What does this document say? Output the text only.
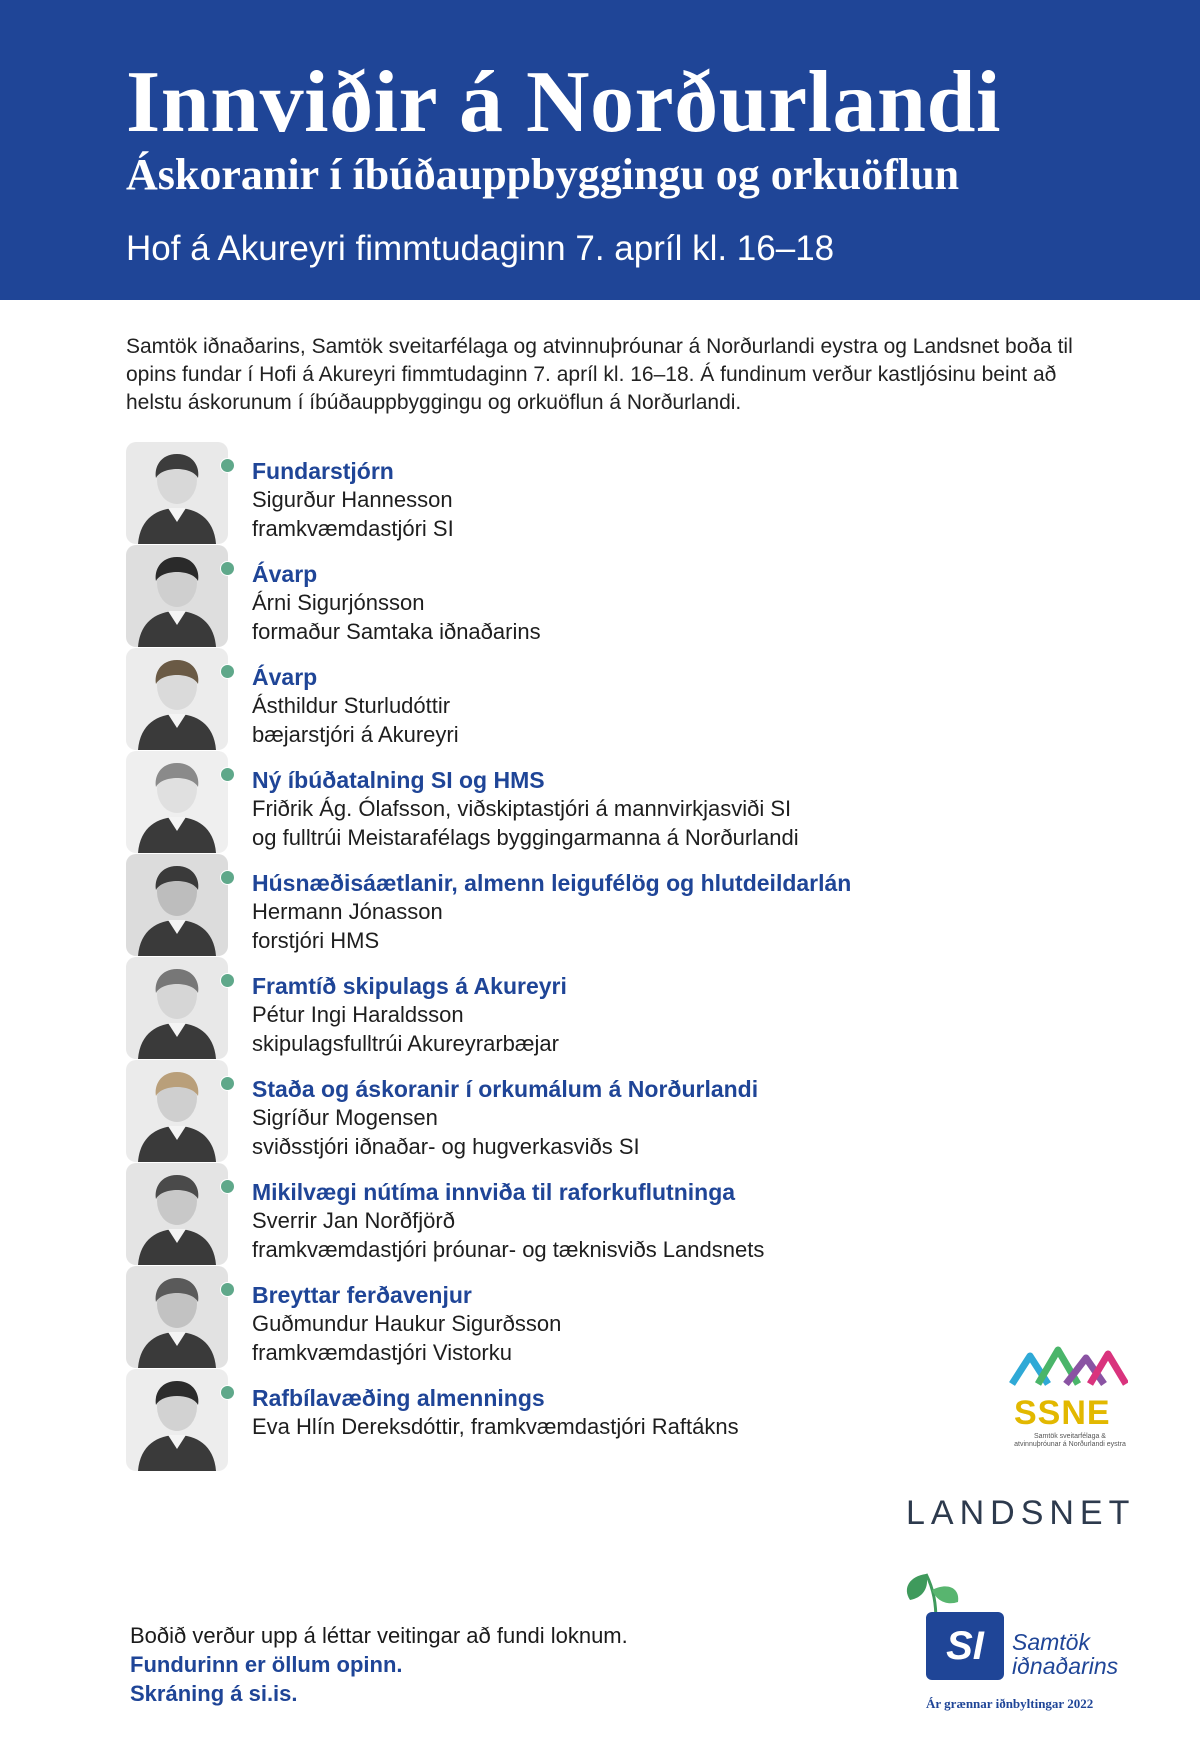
Innviðir á Norðurlandi
Áskoranir í íbúðauppbyggingu og orkuöflun
Hof á Akureyri fimmtudaginn 7. apríl kl. 16–18
Samtök iðnaðarins, Samtök sveitarfélaga og atvinnuþróunar á Norðurlandi eystra og Landsnet boða til opins fundar í Hofi á Akureyri fimmtudaginn 7. apríl kl. 16–18. Á fundinum verður kastljósinu beint að helstu áskorunum í íbúðauppbyggingu og orkuöflun á Norðurlandi.
Fundarstjórn
Sigurður Hannesson
framkvæmdastjóri SI
Ávarp
Árni Sigurjónsson
formaður Samtaka iðnaðarins
Ávarp
Ásthildur Sturludóttir
bæjarstjóri á Akureyri
Ný íbúðatalning SI og HMS
Friðrik Ág. Ólafsson, viðskiptastjóri á mannvirkjasviði SI
og fulltrúi Meistarafélags byggingarmanna á Norðurlandi
Húsnæðisáætlanir, almenn leigufélög og hlutdeildarlán
Hermann Jónasson
forstjóri HMS
Framtíð skipulags á Akureyri
Pétur Ingi Haraldsson
skipulagsfulltrúi Akureyrarbæjar
Staða og áskoranir í orkumálum á Norðurlandi
Sigríður Mogensen
sviðsstjóri iðnaðar- og hugverkasviðs SI
Mikilvægi nútíma innviða til raforkuflutninga
Sverrir Jan Norðfjörð
framkvæmdastjóri þróunar- og tæknisviðs Landsnets
Breyttar ferðavenjur
Guðmundur Haukur Sigurðsson
framkvæmdastjóri Vistorku
Rafbílavæðing almennings
Eva Hlín Dereksdóttir, framkvæmdastjóri Raftákns
Boðið verður upp á léttar veitingar að fundi loknum.
Fundurinn er öllum opinn.
Skráning á si.is.
SSNE
Samtök sveitarfélaga & atvinnuþróunar á Norðurlandi eystra
LANDSNET
SI	Samtök
iðnaðarins
Ár grænnar iðnbyltingar 2022
